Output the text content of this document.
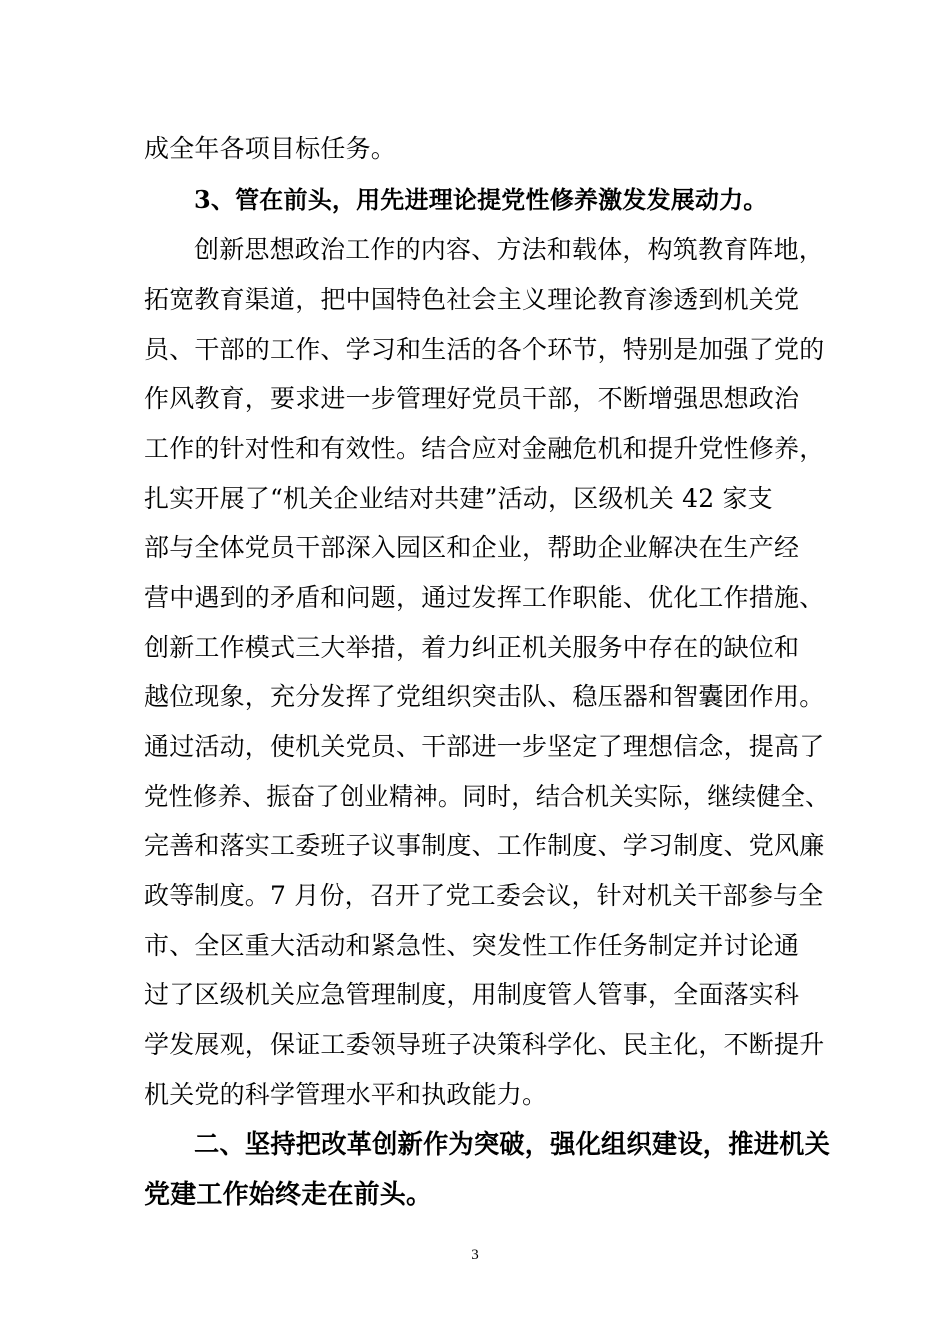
成全年各项目标任务。
3、管在前头，用先进理论提党性修养激发发展动力。
创新思想政治工作的内容、方法和载体，构筑教育阵地，
拓宽教育渠道，把中国特色社会主义理论教育渗透到机关党
员、干部的工作、学习和生活的各个环节，特别是加强了党的
作风教育，要求进一步管理好党员干部，不断增强思想政治
工作的针对性和有效性。结合应对金融危机和提升党性修养，
扎实开展了“机关企业结对共建”活动，区级机关 42 家支
部与全体党员干部深入园区和企业，帮助企业解决在生产经
营中遇到的矛盾和问题，通过发挥工作职能、优化工作措施、
创新工作模式三大举措，着力纠正机关服务中存在的缺位和
越位现象，充分发挥了党组织突击队、稳压器和智囊团作用。
通过活动，使机关党员、干部进一步坚定了理想信念，提高了
党性修养、振奋了创业精神。同时，结合机关实际，继续健全、
完善和落实工委班子议事制度、工作制度、学习制度、党风廉
政等制度。7 月份，召开了党工委会议，针对机关干部参与全
市、全区重大活动和紧急性、突发性工作任务制定并讨论通
过了区级机关应急管理制度，用制度管人管事，全面落实科
学发展观，保证工委领导班子决策科学化、民主化，不断提升
机关党的科学管理水平和执政能力。
二、坚持把改革创新作为突破，强化组织建设，推进机关
党建工作始终走在前头。
3
